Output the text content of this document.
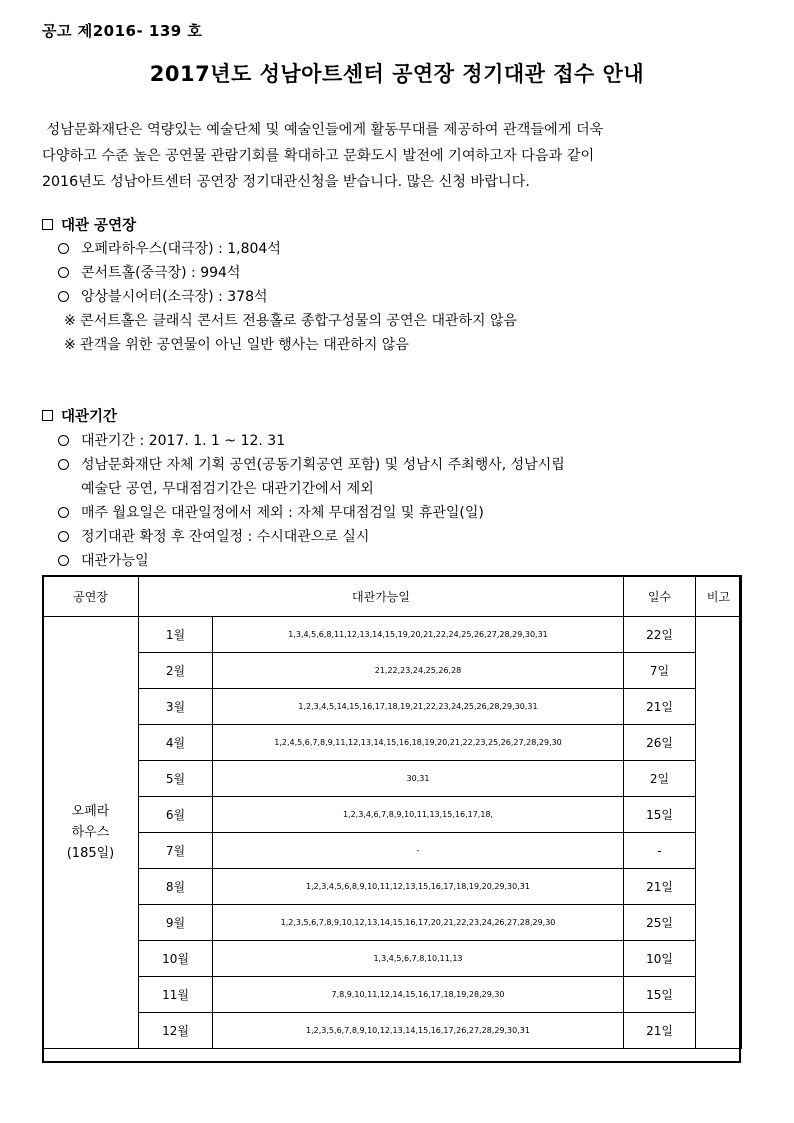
공고 제2016- 139 호
2017년도 성남아트센터 공연장 정기대관 접수 안내

성남문화재단은 역량있는 예술단체 및 예술인들에게 활동무대를 제공하여 관객들에게 더욱

다양하고 수준 높은 공연물 관람기회를 확대하고 문화도시 발전에 기여하고자 다음과 같이

2016년도 성남아트센터 공연장 정기대관신청을 받습니다. 많은 신청 바랍니다.

대관 공연장
오페라하우스(대극장) : 1,804석
콘서트홀(중극장) : 994석
앙상블시어터(소극장) : 378석
※ 콘서트홀은 클래식 콘서트 전용홀로 종합구성물의 공연은 대관하지 않음
※ 관객을 위한 공연물이 아닌 일반 행사는 대관하지 않음
대관기간
대관기간 : 2017. 1. 1 ~ 12. 31
성남문화재단 자체 기획 공연(공동기획공연 포함) 및 성남시 주최행사, 성남시립
예술단 공연, 무대점검기간은 대관기간에서 제외
매주 월요일은 대관일정에서 제외 : 자체 무대점검일 및 휴관일(일)
정기대관 확정 후 잔여일정 : 수시대관으로 실시
대관가능일
공연장	대관가능일		일수	비고

오페라
하우스
(185일)	1월	1,3,4,5,6,8,11,12,13,14,15,19,20,21,22,24,25,26,27,28,29,30,31	22일	
	2월	21,22,23,24,25,26,28	7일	
	3월	1,2,3,4,5,14,15,16,17,18,19,21,22,23,24,25,26,28,29,30,31	21일	
	4월	1,2,4,5,6,7,8,9,11,12,13,14,15,16,18,19,20,21,22,23,25,26,27,28,29,30	26일	
	5월	30,31	2일	
	6월	1,2,3,4,6,7,8,9,10,11,13,15,16,17,18,	15일	
	7월	-	-	
	8월	1,2,3,4,5,6,8,9,10,11,12,13,15,16,17,18,19,20,29,30,31	21일	
	9월	1,2,3,5,6,7,8,9,10,12,13,14,15,16,17,20,21,22,23,24,26,27,28,29,30	25일	
	10월	1,3,4,5,6,7,8,10,11,13	10일	
	11월	7,8,9,10,11,12,14,15,16,17,18,19,28,29,30	15일	
	12월	1,2,3,5,6,7,8,9,10,12,13,14,15,16,17,26,27,28,29,30,31	21일	
